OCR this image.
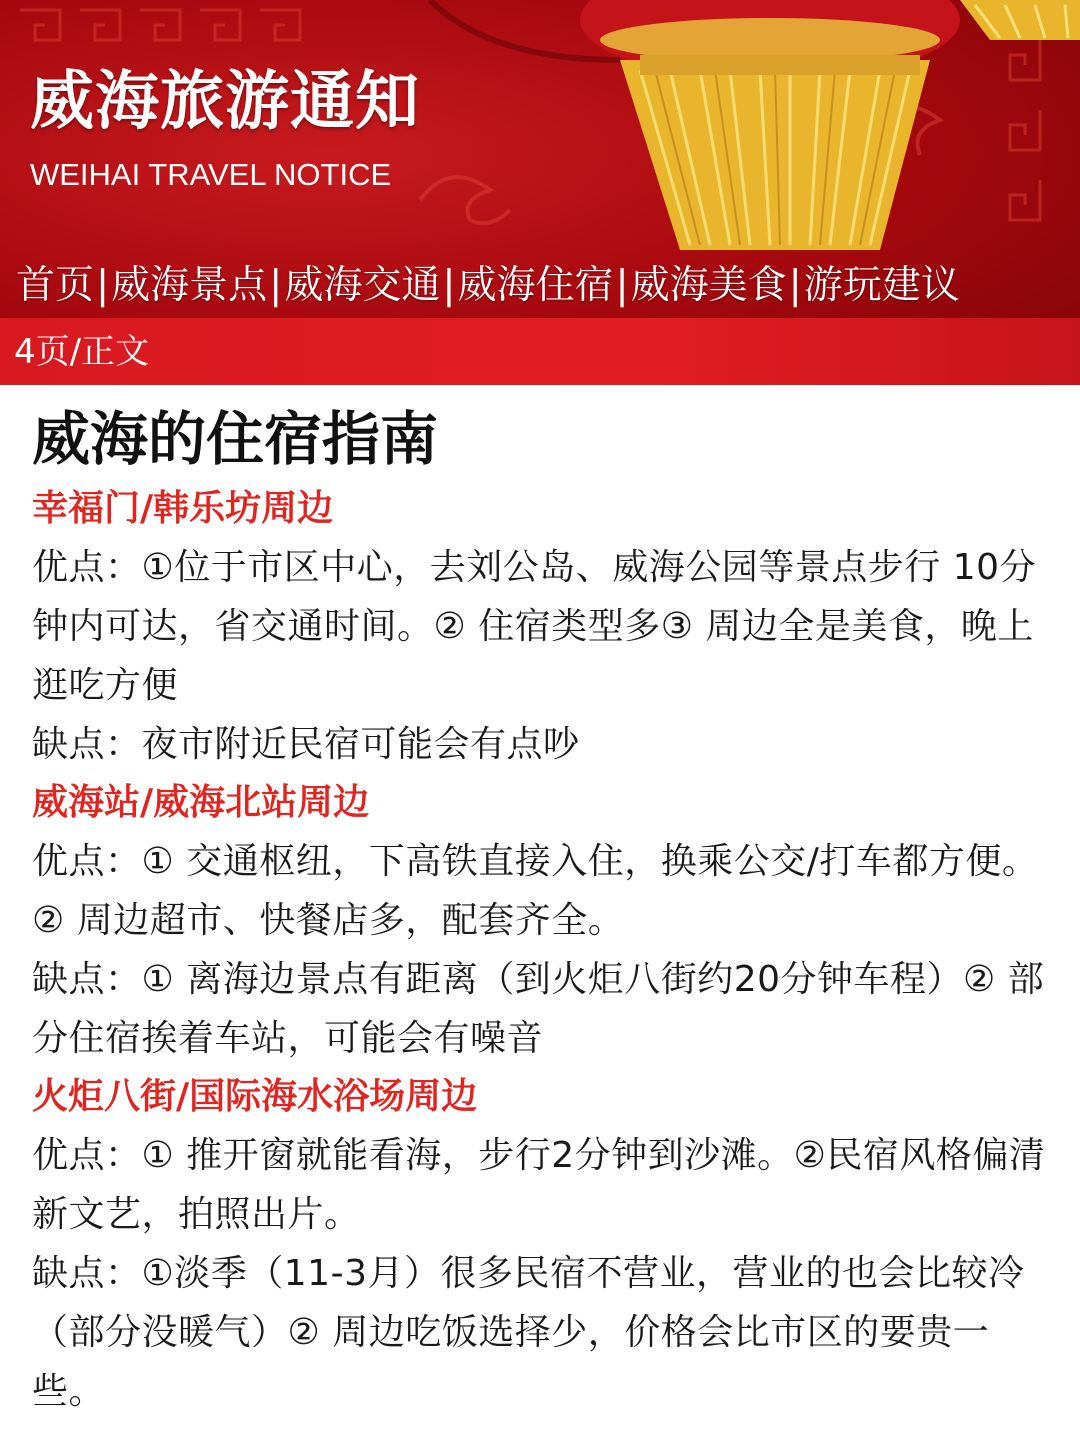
威海旅游通知
WEIHAI TRAVEL NOTICE
首页 | 威海景点 | 威海交通 | 威海住宿 | 威海美食 | 游玩建议
4页/正文
威海的住宿指南
幸福门/韩乐坊周边

优点：①位于市区中心，去刘公岛、威海公园等景点步行 10分钟内可达，省交通时间。② 住宿类型多③ 周边全是美食，晚上逛吃方便

缺点：夜市附近民宿可能会有点吵

威海站/威海北站周边

优点：① 交通枢纽，下高铁直接入住，换乘公交/打车都方便。② 周边超市、快餐店多，配套齐全。

缺点：① 离海边景点有距离（到火炬八街约20分钟车程）② 部分住宿挨着车站，可能会有噪音

火炬八街/国际海水浴场周边

优点：① 推开窗就能看海，步行2分钟到沙滩。②民宿风格偏清新文艺，拍照出片。

缺点：①淡季（11-3月）很多民宿不营业，营业的也会比较冷（部分没暖气）② 周边吃饭选择少，价格会比市区的要贵一些。
